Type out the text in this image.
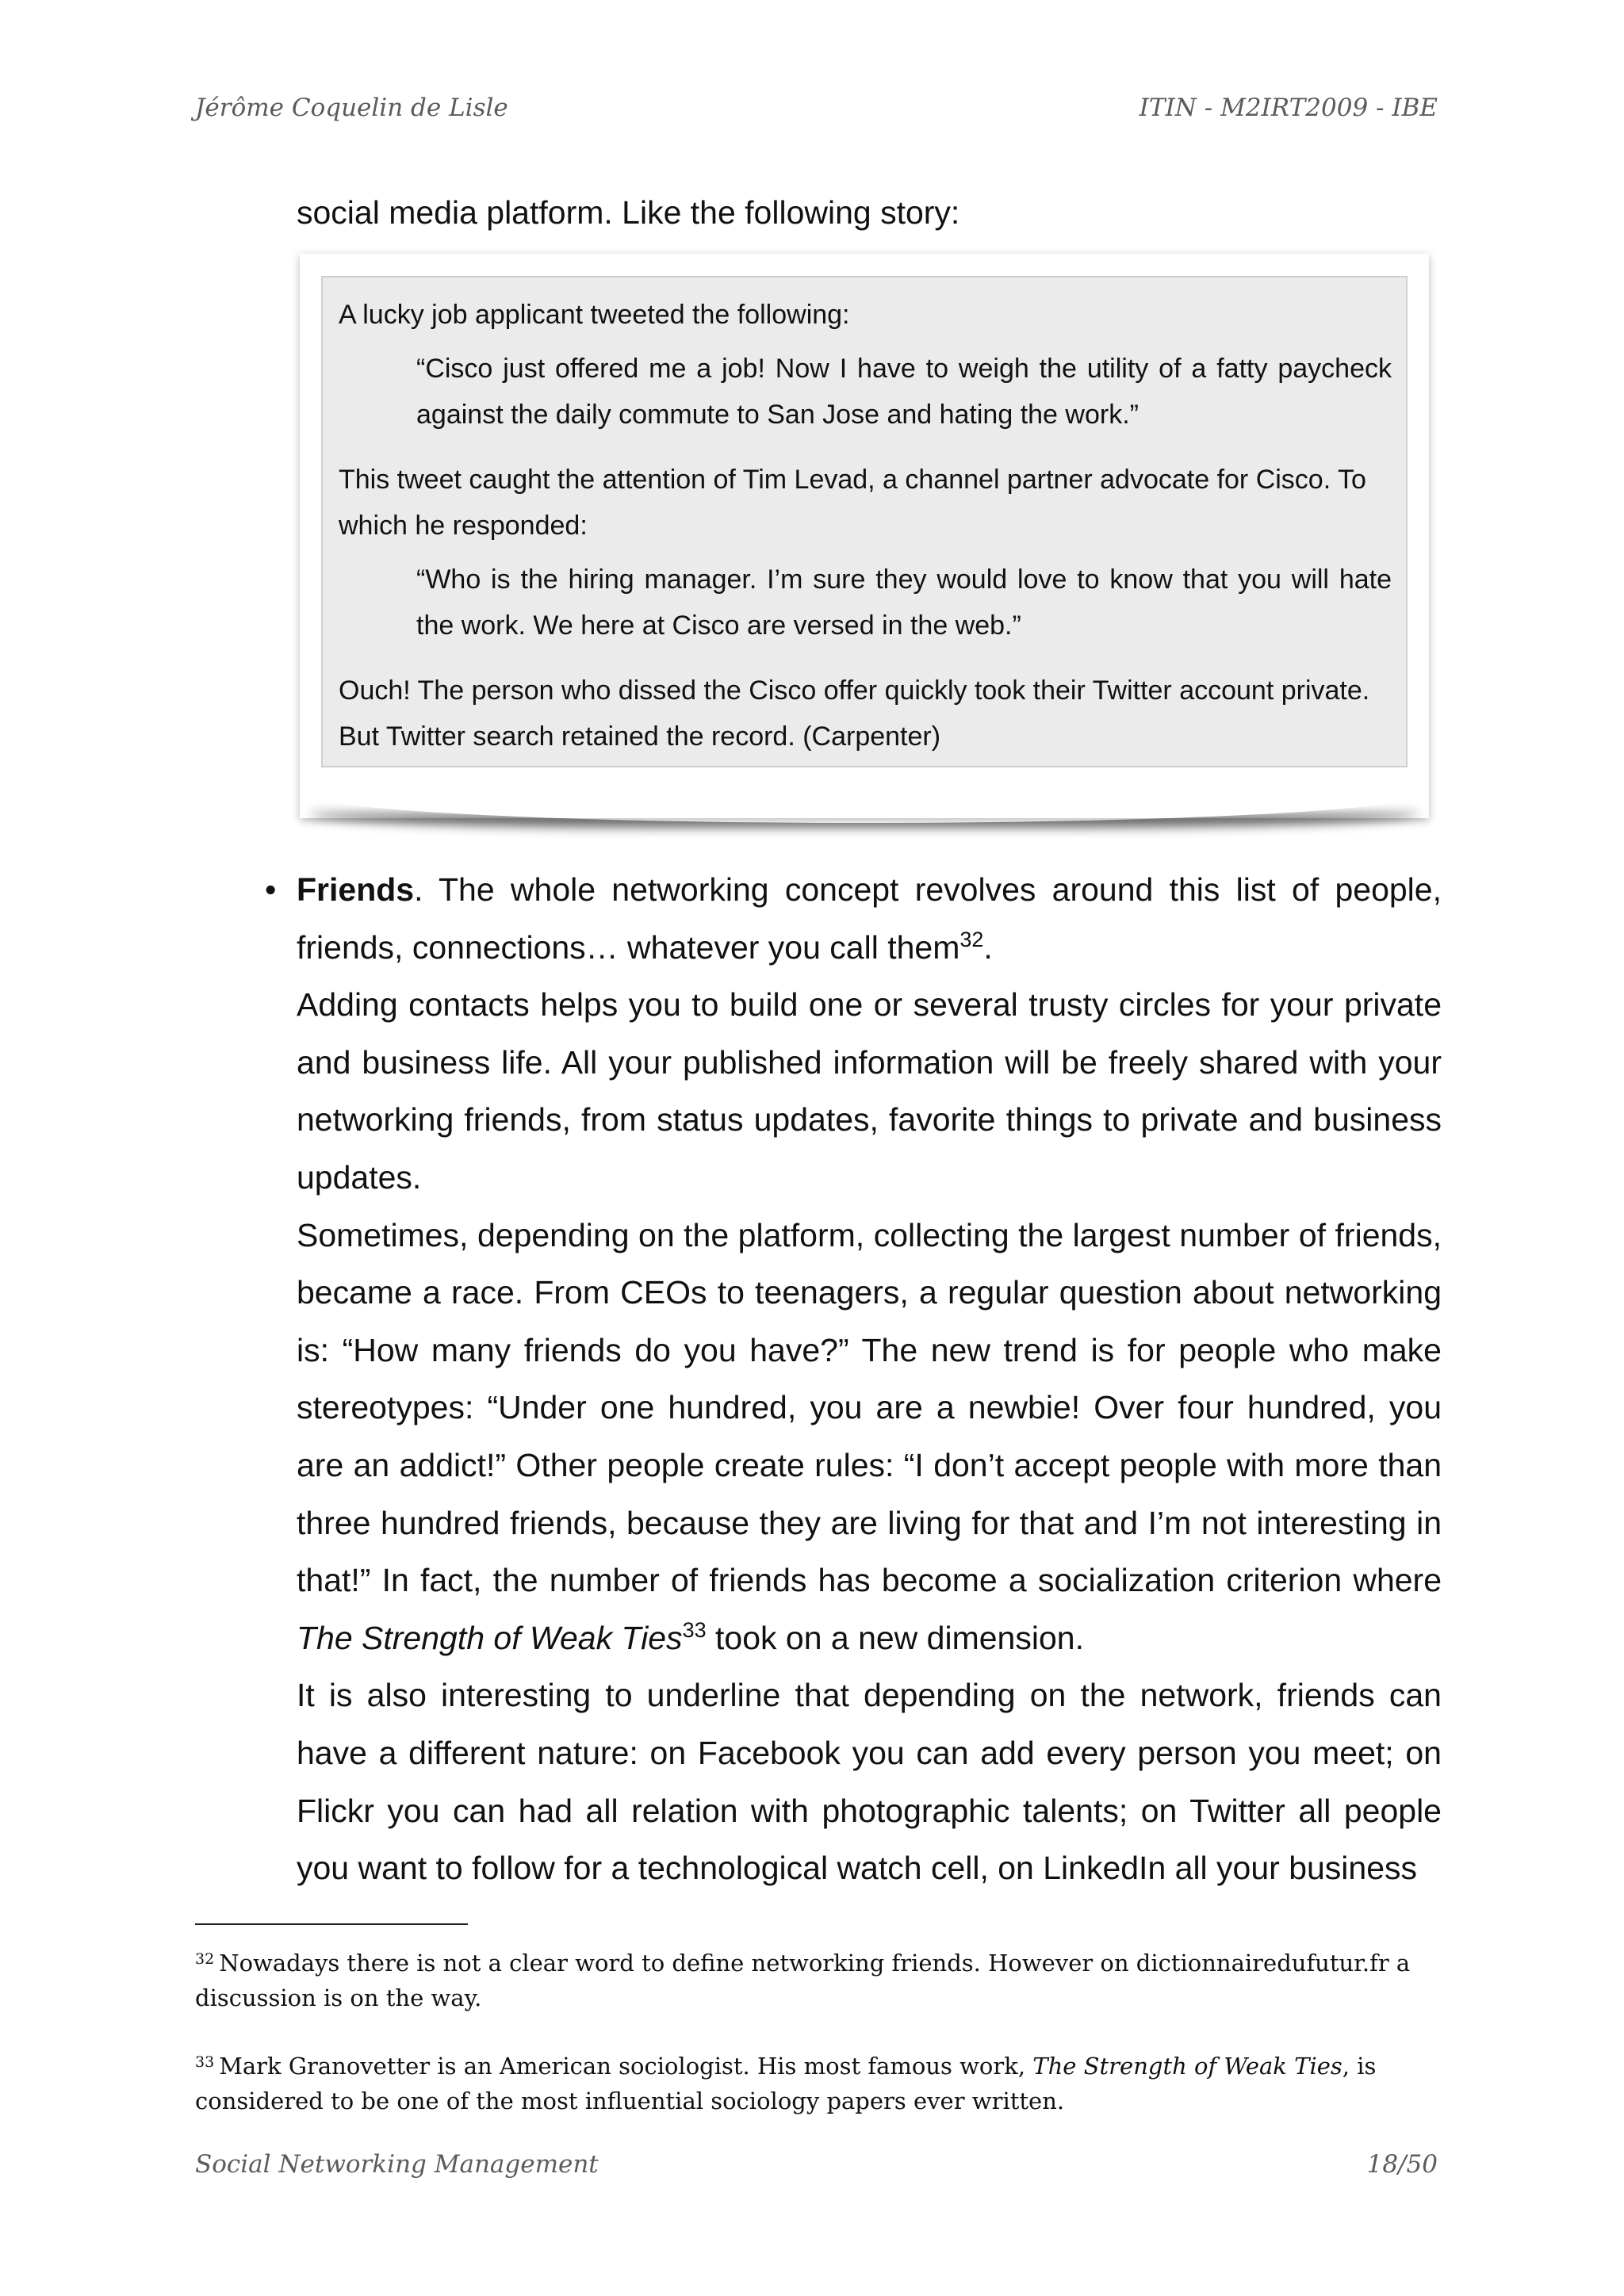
Jérôme Coquelin de Lisle	ITIN - M2IRT2009 - IBE
social media platform. Like the following story:

A lucky job applicant tweeted the following:

“Cisco just offered me a job! Now I have to weigh the utility of a fatty paycheck against the daily commute to San Jose and hating the work.”

This tweet caught the attention of Tim Levad, a channel partner advocate for Cisco. To which he responded:

“Who is the hiring manager. I’m sure they would love to know that you will hate the work. We here at Cisco are versed in the web.”

Ouch! The person who dissed the Cisco offer quickly took their Twitter account private. But Twitter search retained the record. (Carpenter)

• Friends. The whole networking concept revolves around this list of people, friends, connections… whatever you call them$^{32}$.

Adding contacts helps you to build one or several trusty circles for your private and business life. All your published information will be freely shared with your networking friends, from status updates, favorite things to private and business updates.

Sometimes, depending on the platform, collecting the largest number of friends, became a race. From CEOs to teenagers, a regular question about networking is: “How many friends do you have?” The new trend is for people who make stereotypes: “Under one hundred, you are a newbie! Over four hundred, you are an addict!” Other people create rules: “I don’t accept people with more than three hundred friends, because they are living for that and I’m not interesting in that!” In fact, the number of friends has become a socialization criterion where The Strength of Weak Ties$^{33}$ took on a new dimension.

It is also interesting to underline that depending on the network, friends can have a different nature: on Facebook you can add every person you meet; on Flickr you can had all relation with photographic talents; on Twitter all people you want to follow for a technological watch cell, on LinkedIn all your business

$^{32}$ Nowadays there is not a clear word to define networking friends. However on dictionnairedufutur.fr a discussion is on the way.
$^{33}$ Mark Granovetter is an American sociologist. His most famous work, The Strength of Weak Ties, is considered to be one of the most influential sociology papers ever written.
Social Networking Management	18/50
